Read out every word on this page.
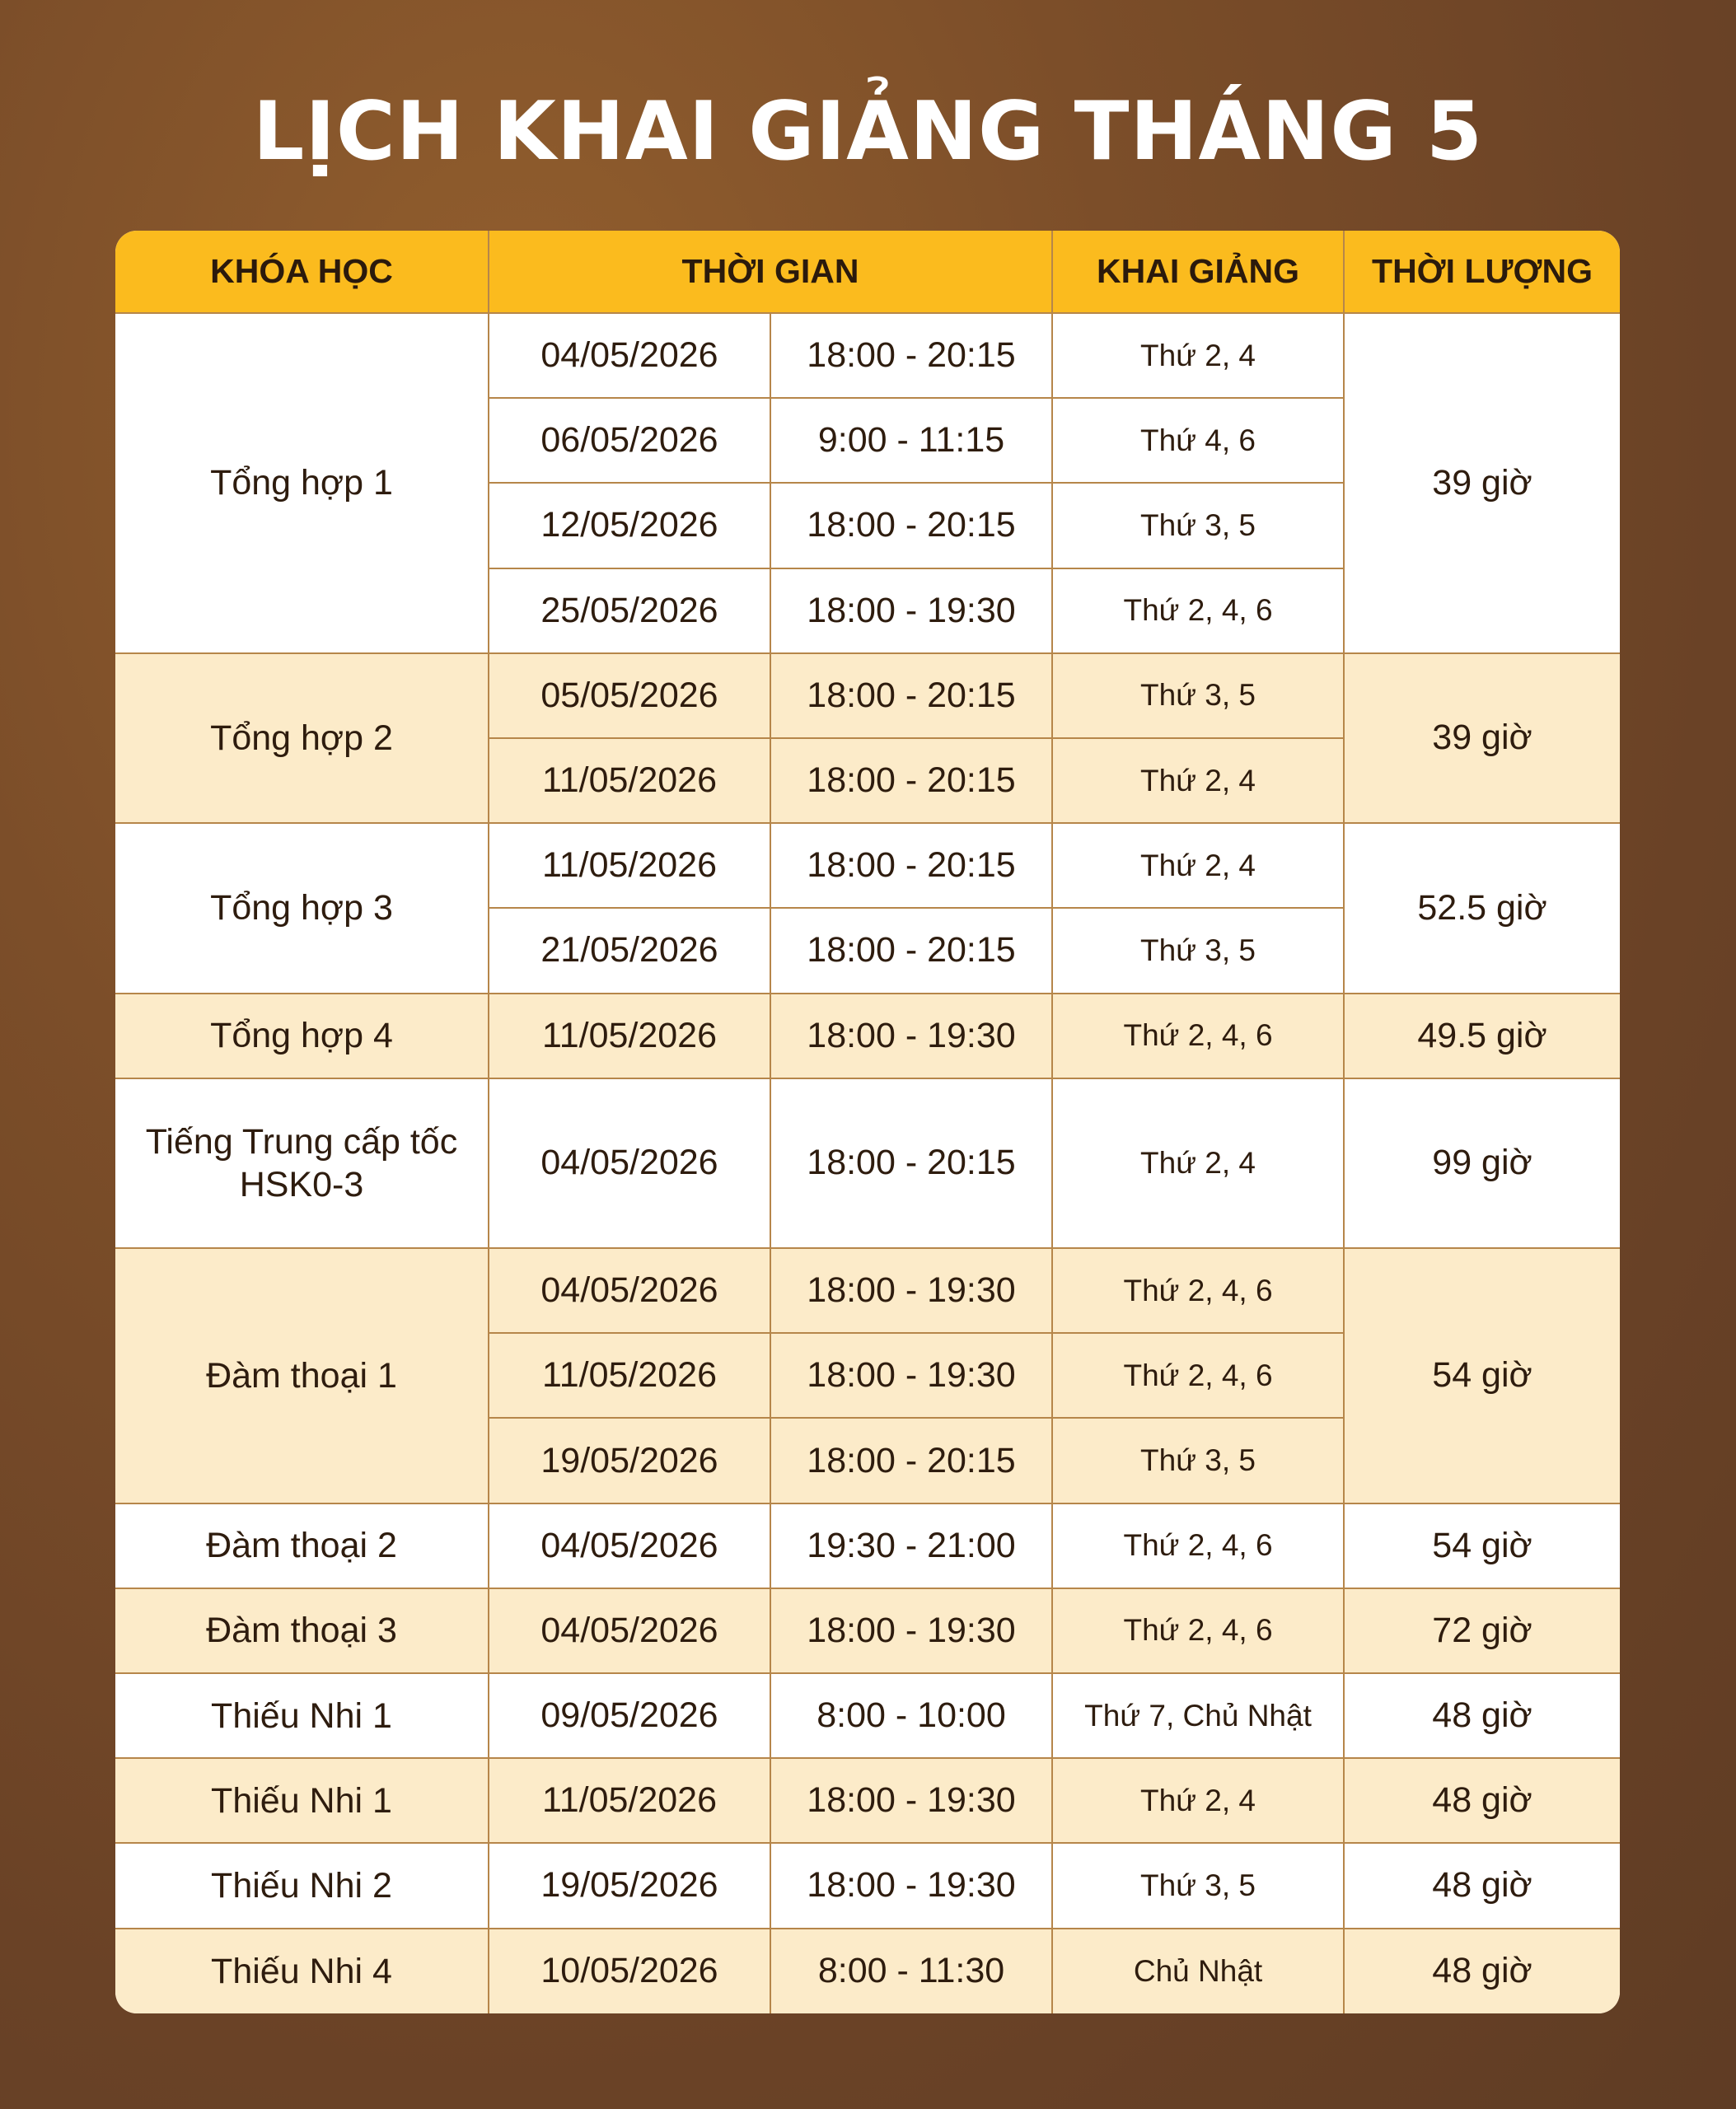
LỊCH KHAI GIẢNG THÁNG 5
KHÓA HỌC	THỜI GIAN		KHAI GIẢNG	THỜI LƯỢNG
Tổng hợp 1	04/05/2026	18:00 - 20:15	Thứ 2, 4	39 giờ
	06/05/2026	9:00 - 11:15	Thứ 4, 6	
	12/05/2026	18:00 - 20:15	Thứ 3, 5	
	25/05/2026	18:00 - 19:30	Thứ 2, 4, 6	
Tổng hợp 2	05/05/2026	18:00 - 20:15	Thứ 3, 5	39 giờ
	11/05/2026	18:00 - 20:15	Thứ 2, 4	
Tổng hợp 3	11/05/2026	18:00 - 20:15	Thứ 2, 4	52.5 giờ
	21/05/2026	18:00 - 20:15	Thứ 3, 5	
Tổng hợp 4	11/05/2026	18:00 - 19:30	Thứ 2, 4, 6	49.5 giờ
Tiếng Trung cấp tốc HSK0-3	04/05/2026	18:00 - 20:15	Thứ 2, 4	99 giờ
Đàm thoại 1	04/05/2026	18:00 - 19:30	Thứ 2, 4, 6	54 giờ
	11/05/2026	18:00 - 19:30	Thứ 2, 4, 6	
	19/05/2026	18:00 - 20:15	Thứ 3, 5	
Đàm thoại 2	04/05/2026	19:30 - 21:00	Thứ 2, 4, 6	54 giờ
Đàm thoại 3	04/05/2026	18:00 - 19:30	Thứ 2, 4, 6	72 giờ
Thiếu Nhi 1	09/05/2026	8:00 - 10:00	Thứ 7, Chủ Nhật	48 giờ
Thiếu Nhi 1	11/05/2026	18:00 - 19:30	Thứ 2, 4	48 giờ
Thiếu Nhi 2	19/05/2026	18:00 - 19:30	Thứ 3, 5	48 giờ
Thiếu Nhi 4	10/05/2026	8:00 - 11:30	Chủ Nhật	48 giờ
